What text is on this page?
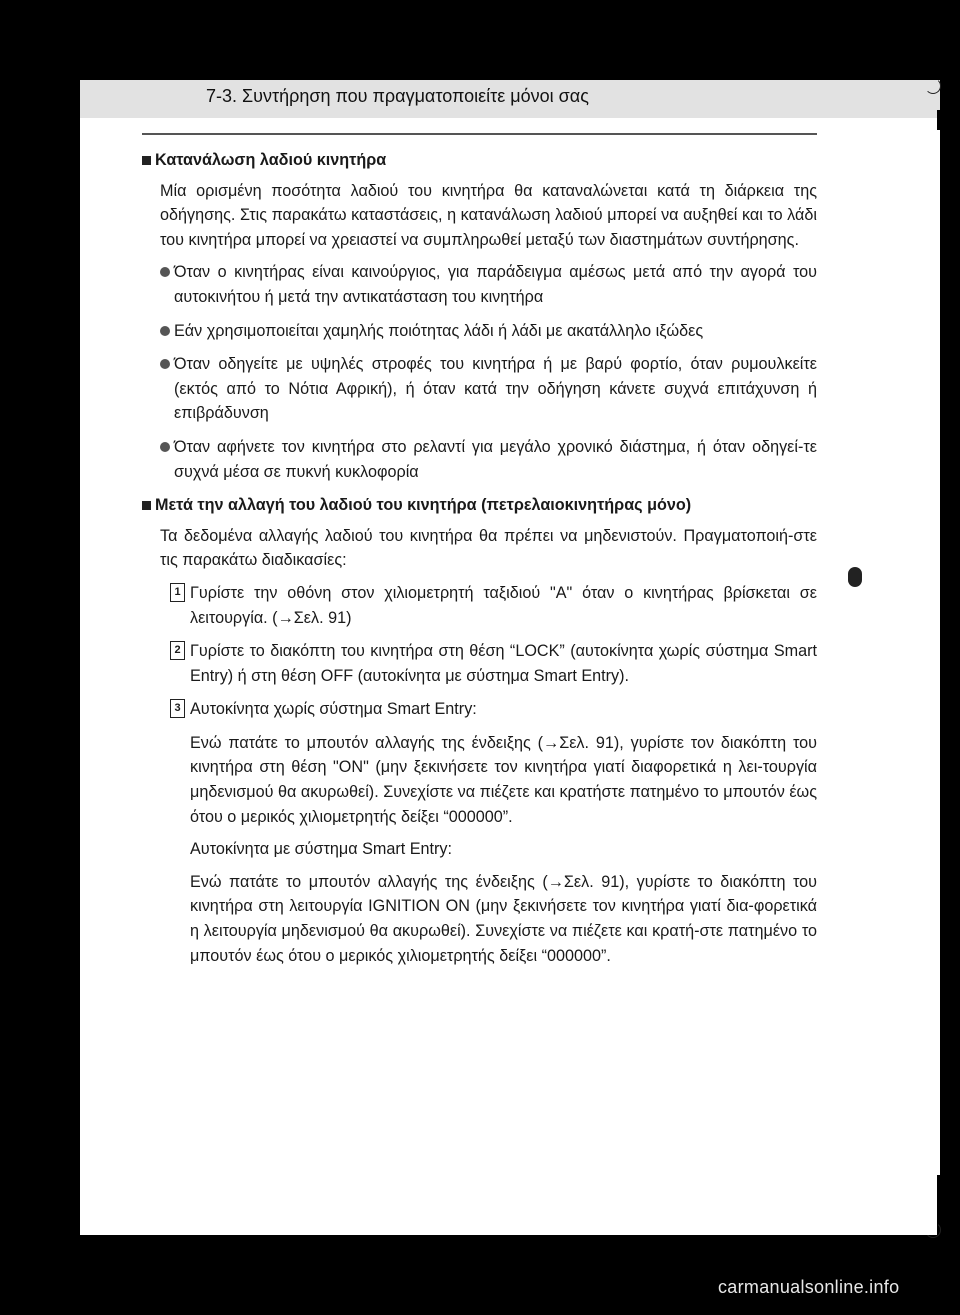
7-3. Συντήρηση που πραγματοποιείτε μόνοι σας
Κατανάλωση λαδιού κινητήρα

Μία ορισμένη ποσότητα λαδιού του κινητήρα θα καταναλώνεται κατά τη διάρκεια της οδήγησης. Στις παρακάτω καταστάσεις, η κατανάλωση λαδιού μπορεί να αυξηθεί και το λάδι του κινητήρα μπορεί να χρειαστεί να συμπληρωθεί μεταξύ των διαστημάτων συντήρησης.

Όταν ο κινητήρας είναι καινούργιος, για παράδειγμα αμέσως μετά από την αγορά του αυτοκινήτου ή μετά την αντικατάσταση του κινητήρα
Εάν χρησιμοποιείται χαμηλής ποιότητας λάδι ή λάδι με ακατάλληλο ιξώδες
Όταν οδηγείτε με υψηλές στροφές του κινητήρα ή με βαρύ φορτίο, όταν ρυμουλκείτε (εκτός από το Νότια Αφρική), ή όταν κατά την οδήγηση κάνετε συχνά επιτάχυνση ή επιβράδυνση
Όταν αφήνετε τον κινητήρα στο ρελαντί για μεγάλο χρονικό διάστημα, ή όταν οδηγεί-τε συχνά μέσα σε πυκνή κυκλοφορία
Μετά την αλλαγή του λαδιού του κινητήρα (πετρελαιοκινητήρας μόνο)

Τα δεδομένα αλλαγής λαδιού του κινητήρα θα πρέπει να μηδενιστούν. Πραγματοποιή-στε τις παρακάτω διαδικασίες:

1 Γυρίστε την οθόνη στον χιλιομετρητή ταξιδιού "A" όταν ο κινητήρας βρίσκεται σε λειτουργία. (→Σελ. 91)
2 Γυρίστε το διακόπτη του κινητήρα στη θέση “LOCK” (αυτοκίνητα χωρίς σύστημα Smart Entry) ή στη θέση OFF (αυτοκίνητα με σύστημα Smart Entry).
3 Αυτοκίνητα χωρίς σύστημα Smart Entry:

Ενώ πατάτε το μπουτόν αλλαγής της ένδειξης (→Σελ. 91), γυρίστε τον διακόπτη του κινητήρα στη θέση "ON" (μην ξεκινήσετε τον κινητήρα γιατί διαφορετικά η λει-τουργία μηδενισμού θα ακυρωθεί). Συνεχίστε να πιέζετε και κρατήστε πατημένο το μπουτόν έως ότου ο μερικός χιλιομετρητής δείξει “000000”.

Αυτοκίνητα με σύστημα Smart Entry:

Ενώ πατάτε το μπουτόν αλλαγής της ένδειξης (→Σελ. 91), γυρίστε το διακόπτη του κινητήρα στη λειτουργία IGNITION ON (μην ξεκινήσετε τον κινητήρα γιατί δια-φορετικά η λειτουργία μηδενισμού θα ακυρωθεί). Συνεχίστε να πιέζετε και κρατή-στε πατημένο το μπουτόν έως ότου ο μερικός χιλιομετρητής δείξει “000000”.

carmanualsonline.info
